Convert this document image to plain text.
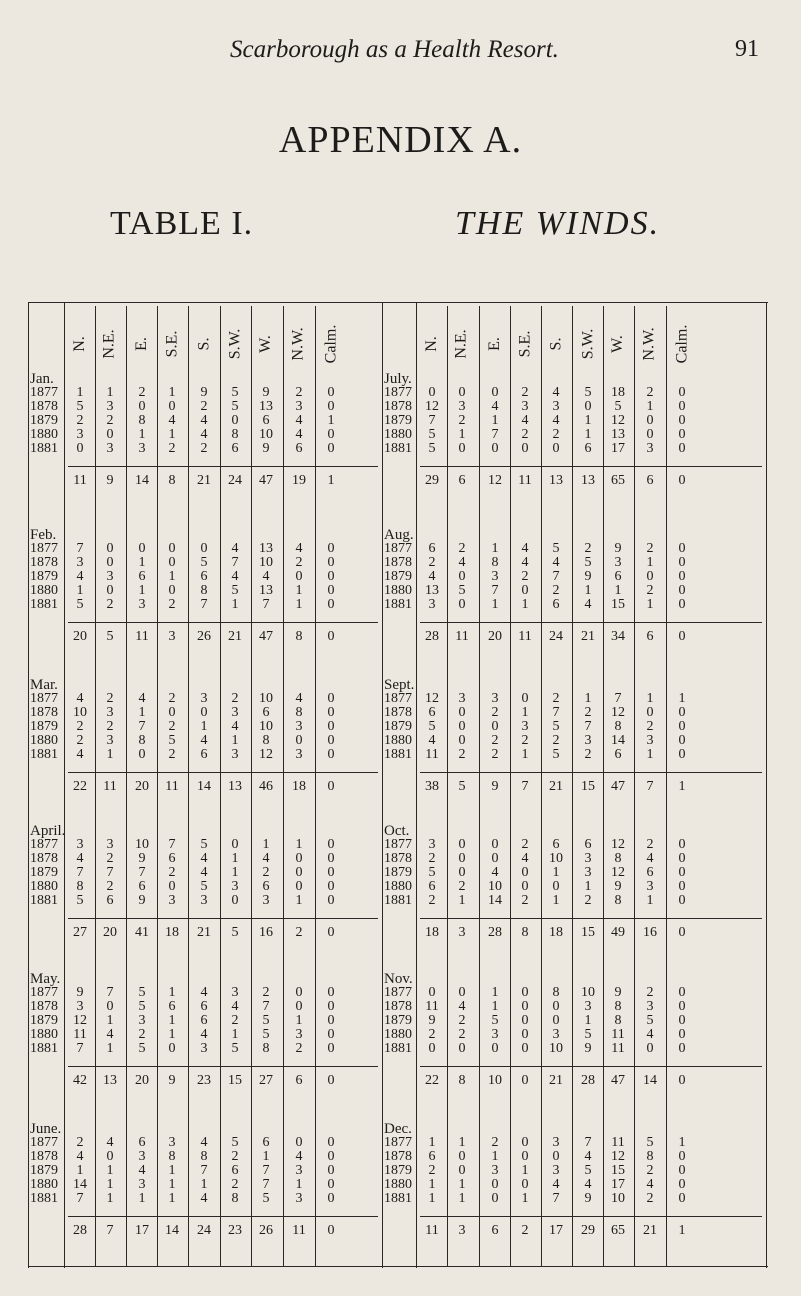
Scarborough as a Health Resort.	91
APPENDIX A.
TABLE I.	THE WINDS.
N.	N.
N.E.	N.E.
E.	E.
S.E.	S.E.
S.	S.
S.W.	S.W.
W.	W.
N.W.	N.W.
Calm.	Calm.
Jan.
1877	1	1	2	1	9	5	9	2	0
1878	5	3	0	0	2	5	13	3	0
1879	2	2	8	4	4	0	6	4	1
1880	3	0	1	1	4	8	10	4	0
1881	0	3	3	2	2	6	9	6	0
11	9	14	8	21	24	47	19	1
Feb.
1877	7	0	0	0	0	4	13	4	0
1878	3	0	1	0	5	7	10	2	0
1879	4	3	6	1	6	4	4	0	0
1880	1	0	1	0	8	5	13	1	0
1881	5	2	3	2	7	1	7	1	0
20	5	11	3	26	21	47	8	0
Mar.
1877	4	2	4	2	3	2	10	4	0
1878	10	3	1	0	0	3	6	8	0
1879	2	2	7	2	1	4	10	3	0
1880	2	3	8	5	4	1	8	0	0
1881	4	1	0	2	6	3	12	3	0
22	11	20	11	14	13	46	18	0
April.
1877	3	3	10	7	5	0	1	1	0
1878	4	2	9	6	4	1	4	0	0
1879	7	7	7	2	4	1	2	0	0
1880	8	2	6	0	5	3	6	0	0
1881	5	6	9	3	3	0	3	1	0
27	20	41	18	21	5	16	2	0
May.
1877	9	7	5	1	4	3	2	0	0
1878	3	0	5	6	6	4	7	0	0
1879	12	1	3	1	6	2	5	1	0
1880	11	4	2	1	4	1	5	3	0
1881	7	1	5	0	3	5	8	2	0
42	13	20	9	23	15	27	6	0
June.
1877	2	4	6	3	4	5	6	0	0
1878	4	0	3	8	8	2	1	4	0
1879	1	1	4	1	7	6	7	3	0
1880	14	1	3	1	1	2	7	1	0
1881	7	1	1	1	4	8	5	3	0
28	7	17	14	24	23	26	11	0
July.
1877	0	0	0	2	4	5	18	2	0
1878 12	3	4	3	3	0	5	1	0
1879	7	2	1	4	4	1	12	0	0
1880	5	1	7	2	2	1	13	0	0
1881	5	0	0	0	0	6	17	3	0
29	6	12	11	13	13	65	6	0
Aug.
1877	6	2	1	4	5	2	9	2	0
1878	2	4	8	4	4	5	3	1	0
1879	4	0	3	2	7	9	6	0	0
1880 13	5	7	0	2	1	1	2	0
1881	3	0	1	1	6	4	15	1	0
28	11	20	11	24	21	34	6	0
Sept.
1877 12	3	3	0	2	1	7	1	1
1878	6	0	2	1	7	2	12	0	0
1879	5	0	0	3	5	7	8	2	0
1880	4	0	2	2	2	3	14	3	0
1881 11	2	2	1	5	2	6	1	0
38	5	9	7	21	15	47	7	1
Oct.
1877	3	0	0	2	6	6	12	2	0
1878	2	0	0	4	10	3	8	4	0
1879	5	0	4	0	1	3	12	6	0
1880	6	2	10	0	0	1	9	3	0
1881	2	1	14	2	1	2	8	1	0
18	3	28	8	18	15	49	16	0
Nov.
1877	0	0	1	0	8	10	9	2	0
1878 11	4	1	0	0	3	8	3	0
1879	9	2	5	0	0	1	8	5	0
1880	2	2	3	0	3	5	11	4	0
1881	0	0	0	0	10	9	11	0	0
22	8	10	0	21	28	47	14	0
Dec.
1877	1	1	2	0	3	7	11	5	1
1878	6	0	1	0	0	4	12	8	0
1879	2	0	3	1	3	5	15	2	0
1880	1	1	0	0	4	4	17	4	0
1881	1	1	0	1	7	9	10	2	0
11	3	6	2	17	29	65	21	1
